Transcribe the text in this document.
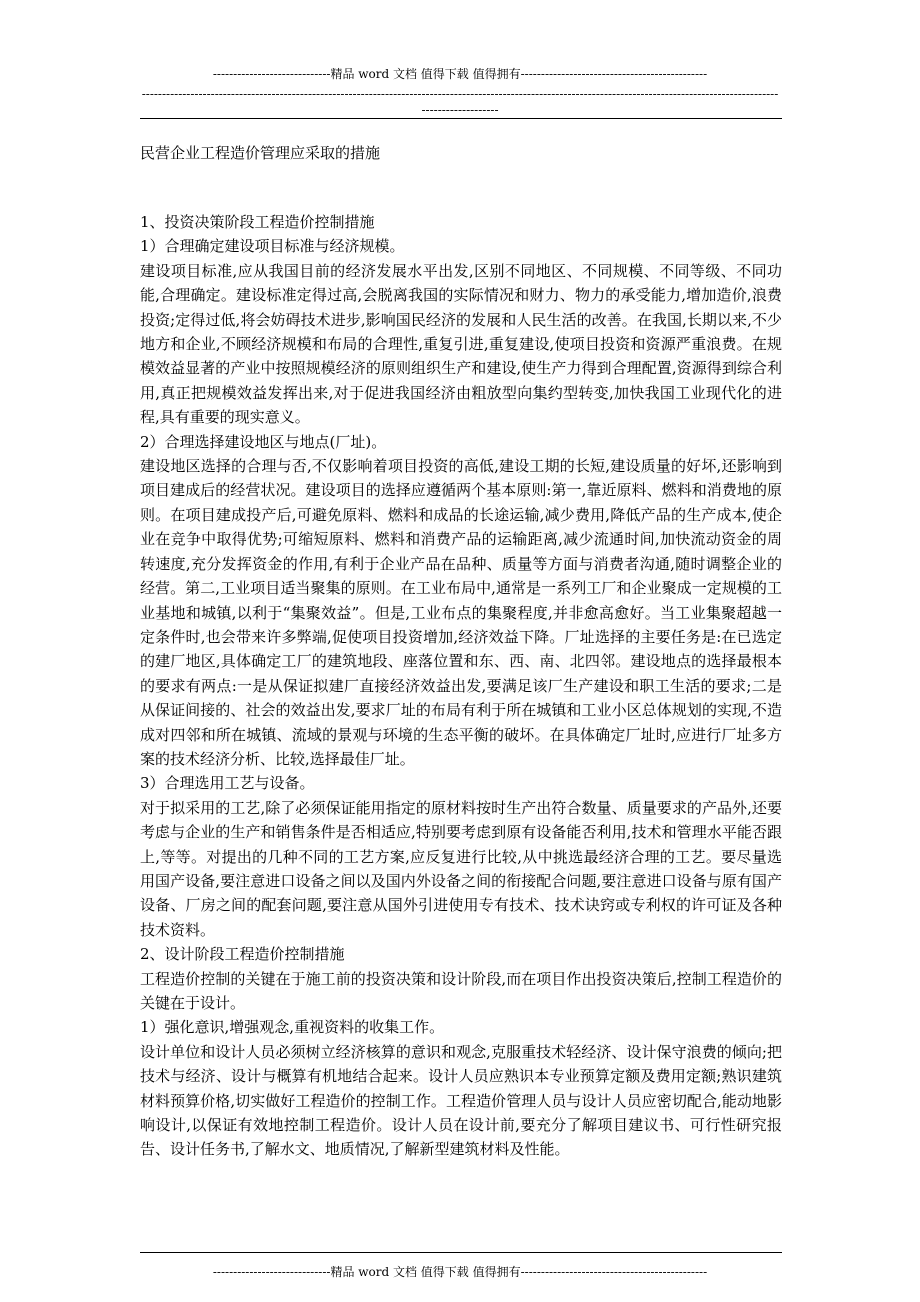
-----------------------------精品 word 文档 值得下载 值得拥有----------------------------------------------
--------------------------------------------------------------------------------------------------------------------------------------------------------------------------------
民营企业工程造价管理应采取的措施

1、投资决策阶段工程造价控制措施

1）合理确定建设项目标准与经济规模。

建设项目标准,应从我国目前的经济发展水平出发,区别不同地区、不同规模、不同等级、不同功能,合理确定。建设标准定得过高,会脱离我国的实际情况和财力、物力的承受能力,增加造价,浪费投资;定得过低,将会妨碍技术进步,影响国民经济的发展和人民生活的改善。在我国,长期以来,不少地方和企业,不顾经济规模和布局的合理性,重复引进,重复建设,使项目投资和资源严重浪费。在规模效益显著的产业中按照规模经济的原则组织生产和建设,使生产力得到合理配置,资源得到综合利用,真正把规模效益发挥出来,对于促进我国经济由粗放型向集约型转变,加快我国工业现代化的进程,具有重要的现实意义。

2）合理选择建设地区与地点(厂址)。

建设地区选择的合理与否,不仅影响着项目投资的高低,建设工期的长短,建设质量的好坏,还影响到项目建成后的经营状况。建设项目的选择应遵循两个基本原则:第一,靠近原料、燃料和消费地的原则。在项目建成投产后,可避免原料、燃料和成品的长途运输,减少费用,降低产品的生产成本,使企业在竞争中取得优势;可缩短原料、燃料和消费产品的运输距离,减少流通时间,加快流动资金的周转速度,充分发挥资金的作用,有利于企业产品在品种、质量等方面与消费者沟通,随时调整企业的经营。第二,工业项目适当聚集的原则。在工业布局中,通常是一系列工厂和企业聚成一定规模的工业基地和城镇,以利于“集聚效益”。但是,工业布点的集聚程度,并非愈高愈好。当工业集聚超越一定条件时,也会带来许多弊端,促使项目投资增加,经济效益下降。厂址选择的主要任务是:在已选定的建厂地区,具体确定工厂的建筑地段、座落位置和东、西、南、北四邻。建设地点的选择最根本的要求有两点:一是从保证拟建厂直接经济效益出发,要满足该厂生产建设和职工生活的要求;二是从保证间接的、社会的效益出发,要求厂址的布局有利于所在城镇和工业小区总体规划的实现,不造成对四邻和所在城镇、流域的景观与环境的生态平衡的破坏。在具体确定厂址时,应进行厂址多方案的技术经济分析、比较,选择最佳厂址。

3）合理选用工艺与设备。

对于拟采用的工艺,除了必须保证能用指定的原材料按时生产出符合数量、质量要求的产品外,还要考虑与企业的生产和销售条件是否相适应,特别要考虑到原有设备能否利用,技术和管理水平能否跟上,等等。对提出的几种不同的工艺方案,应反复进行比较,从中挑选最经济合理的工艺。要尽量选用国产设备,要注意进口设备之间以及国内外设备之间的衔接配合问题,要注意进口设备与原有国产设备、厂房之间的配套问题,要注意从国外引进使用专有技术、技术诀窍或专利权的许可证及各种技术资料。

2、设计阶段工程造价控制措施

工程造价控制的关键在于施工前的投资决策和设计阶段,而在项目作出投资决策后,控制工程造价的关键在于设计。

1）强化意识,增强观念,重视资料的收集工作。

设计单位和设计人员必须树立经济核算的意识和观念,克服重技术轻经济、设计保守浪费的倾向;把技术与经济、设计与概算有机地结合起来。设计人员应熟识本专业预算定额及费用定额;熟识建筑材料预算价格,切实做好工程造价的控制工作。工程造价管理人员与设计人员应密切配合,能动地影响设计,以保证有效地控制工程造价。设计人员在设计前,要充分了解项目建议书、可行性研究报告、设计任务书,了解水文、地质情况,了解新型建筑材料及性能。

-----------------------------精品 word 文档 值得下载 值得拥有----------------------------------------------
